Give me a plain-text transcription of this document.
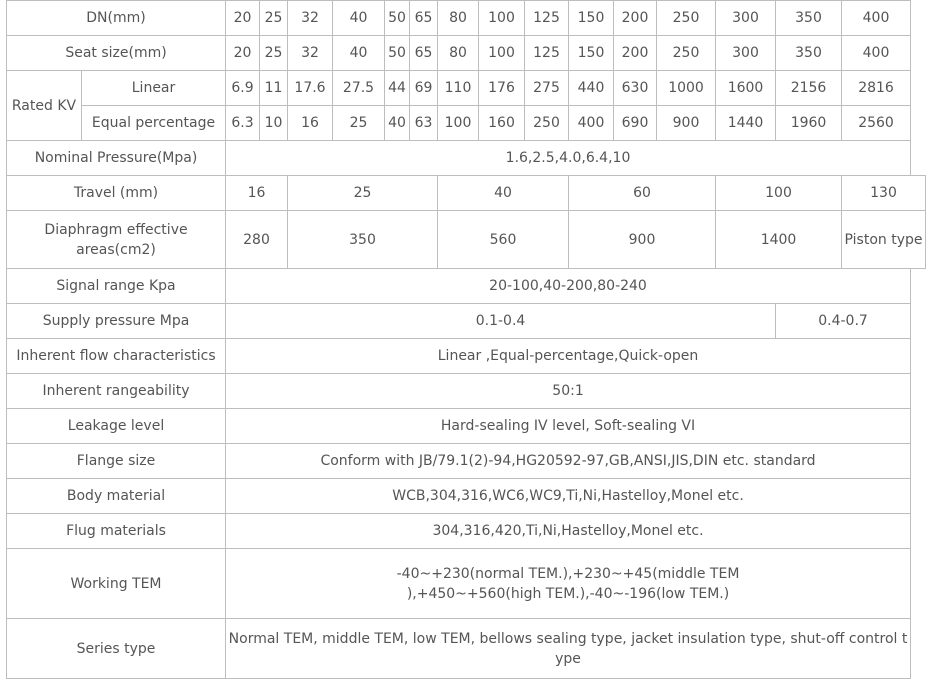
DN(mm)		20	25	32	40	50	65	80	100	125	150	200	250	300	350	400
Seat size(mm)		20	25	32	40	50	65	80	100	125	150	200	250	300	350	400
Rated KV	Linear	6.9	11	17.6	27.5	44	69	110	176	275	440	630	1000	1600	2156	2816
	Equal percentage	6.3	10	16	25	40	63	100	160	250	400	690	900	1440	1960	2560
Nominal Pressure(Mpa)		1.6,2.5,4.0,6.4,10														
Travel (mm)		16		25				40			60			100		130
Diaphragm effective areas(cm2)		280		350				560			900			1400		Piston type
Signal range Kpa		20-100,40-200,80-240														
Supply pressure Mpa		0.1-0.4													0.4-0.7	
Inherent flow characteristics		Linear ,Equal-percentage,Quick-open														
Inherent rangeability		50:1														
Leakage level		Hard-sealing IV level, Soft-sealing VI														
Flange size		Conform with JB/79.1(2)-94,HG20592-97,GB,ANSI,JIS,DIN etc. standard														
Body material		WCB,304,316,WC6,WC9,Ti,Ni,Hastelloy,Monel etc.														
Flug materials		304,316,420,Ti,Ni,Hastelloy,Monel etc.														
Working TEM		-40~+230(normal TEM.),+230~+45(middle TEM
),+450~+560(high TEM.),-40~-196(low TEM.)														

Series type		Normal TEM, middle TEM, low TEM, bellows sealing type, jacket insulation type, shut-off control type														
